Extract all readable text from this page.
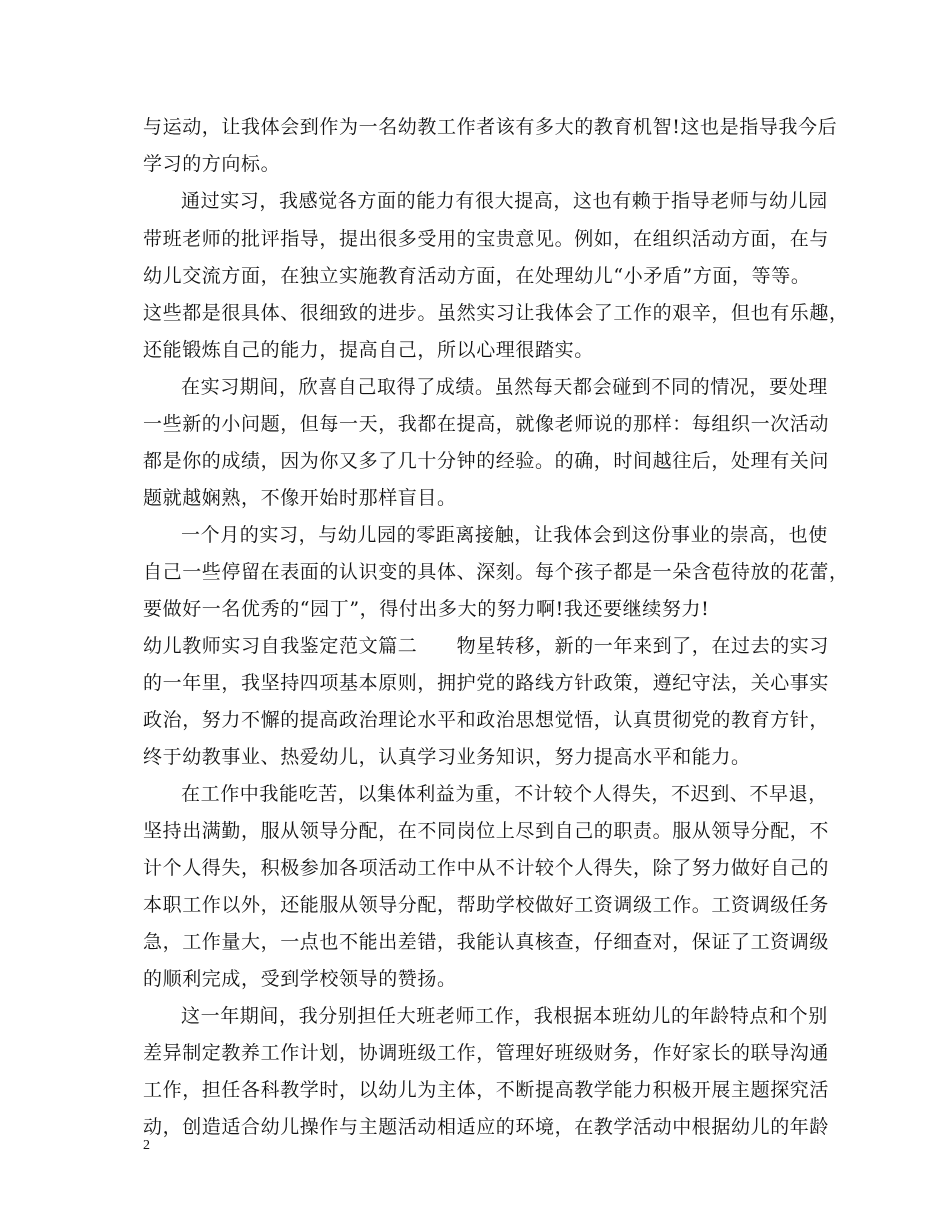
与运动，让我体会到作为一名幼教工作者该有多大的教育机智!这也是指导我今后
学习的方向标。
通过实习，我感觉各方面的能力有很大提高，这也有赖于指导老师与幼儿园
带班老师的批评指导，提出很多受用的宝贵意见。例如，在组织活动方面，在与
幼儿交流方面，在独立实施教育活动方面，在处理幼儿“小矛盾”方面，等等。
这些都是很具体、很细致的进步。虽然实习让我体会了工作的艰辛，但也有乐趣，
还能锻炼自己的能力，提高自己，所以心理很踏实。
在实习期间，欣喜自己取得了成绩。虽然每天都会碰到不同的情况，要处理
一些新的小问题，但每一天，我都在提高，就像老师说的那样：每组织一次活动
都是你的成绩，因为你又多了几十分钟的经验。的确，时间越往后，处理有关问
题就越娴熟，不像开始时那样盲目。
一个月的实习，与幼儿园的零距离接触，让我体会到这份事业的崇高，也使
自己一些停留在表面的认识变的具体、深刻。每个孩子都是一朵含苞待放的花蕾，
要做好一名优秀的“园丁”，得付出多大的努力啊!我还要继续努力!
幼儿教师实习自我鉴定范文篇二　　物星转移，新的一年来到了，在过去的实习
的一年里，我坚持四项基本原则，拥护党的路线方针政策，遵纪守法，关心事实
政治，努力不懈的提高政治理论水平和政治思想觉悟，认真贯彻党的教育方针，
终于幼教事业、热爱幼儿，认真学习业务知识，努力提高水平和能力。
在工作中我能吃苦，以集体利益为重，不计较个人得失，不迟到、不早退，
坚持出满勤，服从领导分配，在不同岗位上尽到自己的职责。服从领导分配，不
计个人得失，积极参加各项活动工作中从不计较个人得失，除了努力做好自己的
本职工作以外，还能服从领导分配，帮助学校做好工资调级工作。工资调级任务
急，工作量大，一点也不能出差错，我能认真核查，仔细查对，保证了工资调级
的顺利完成，受到学校领导的赞扬。
这一年期间，我分别担任大班老师工作，我根据本班幼儿的年龄特点和个别
差异制定教养工作计划，协调班级工作，管理好班级财务，作好家长的联导沟通
工作，担任各科教学时，以幼儿为主体，不断提高教学能力积极开展主题探究活
动，创造适合幼儿操作与主题活动相适应的环境，在教学活动中根据幼儿的年龄
2
